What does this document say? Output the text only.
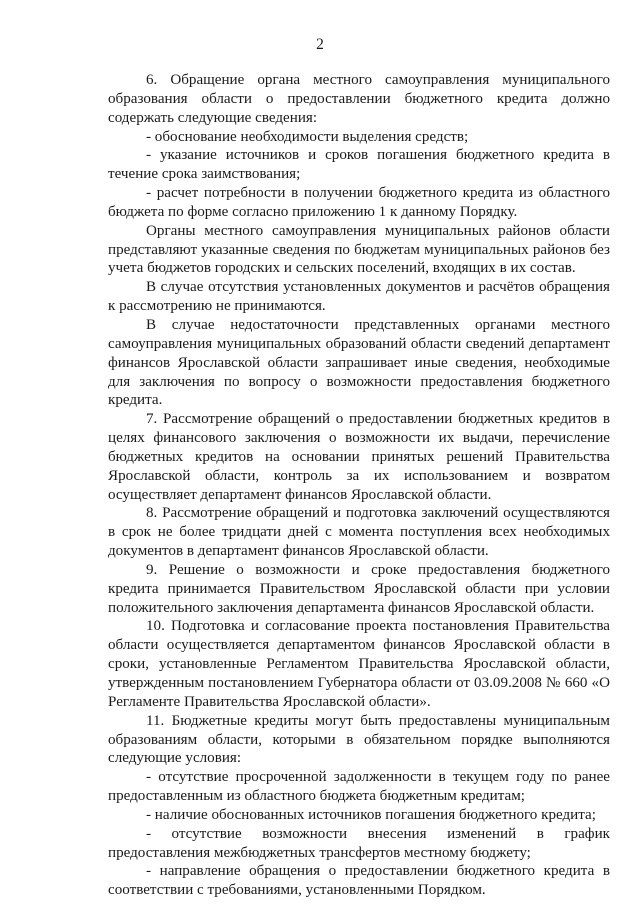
2

6. Обращение органа местного самоуправления муниципального образования области о предоставлении бюджетного кредита должно содержать следующие сведения:

- обоснование необходимости выделения средств;

- указание источников и сроков погашения бюджетного кредита в течение срока заимствования;

- расчет потребности в получении бюджетного кредита из областного бюджета по форме согласно приложению 1 к данному Порядку.

Органы местного самоуправления муниципальных районов области представляют указанные сведения по бюджетам муниципальных районов без учета бюджетов городских и сельских поселений, входящих в их состав.

В случае отсутствия установленных документов и расчётов обращения к рассмотрению не принимаются.

В случае недостаточности представленных органами местного самоуправления муниципальных образований области сведений департамент финансов Ярославской области запрашивает иные сведения, необходимые для заключения по вопросу о возможности предоставления бюджетного кредита.

7. Рассмотрение обращений о предоставлении бюджетных кредитов в целях финансового заключения о возможности их выдачи, перечисление бюджетных кредитов на основании принятых решений Правительства Ярославской области, контроль за их использованием и возвратом осуществляет департамент финансов Ярославской области.

8. Рассмотрение обращений и подготовка заключений осуществляются в срок не более тридцати дней с момента поступления всех необходимых документов в департамент финансов Ярославской области.

9. Решение о возможности и сроке предоставления бюджетного кредита принимается Правительством Ярославской области при условии положительного заключения департамента финансов Ярославской области.

10. Подготовка и согласование проекта постановления Правительства области осуществляется департаментом финансов Ярославской области в сроки, установленные Регламентом Правительства Ярославской области, утвержденным постановлением Губернатора области от 03.09.2008 № 660 «О Регламенте Правительства Ярославской области».

11. Бюджетные кредиты могут быть предоставлены муниципальным образованиям области, которыми в обязательном порядке выполняются следующие условия:

- отсутствие просроченной задолженности в текущем году по ранее предоставленным из областного бюджета бюджетным кредитам;

- наличие обоснованных источников погашения бюджетного кредита;

- отсутствие возможности внесения изменений в график предоставления межбюджетных трансфертов местному бюджету;

- направление обращения о предоставлении бюджетного кредита в соответствии с требованиями, установленными Порядком.
